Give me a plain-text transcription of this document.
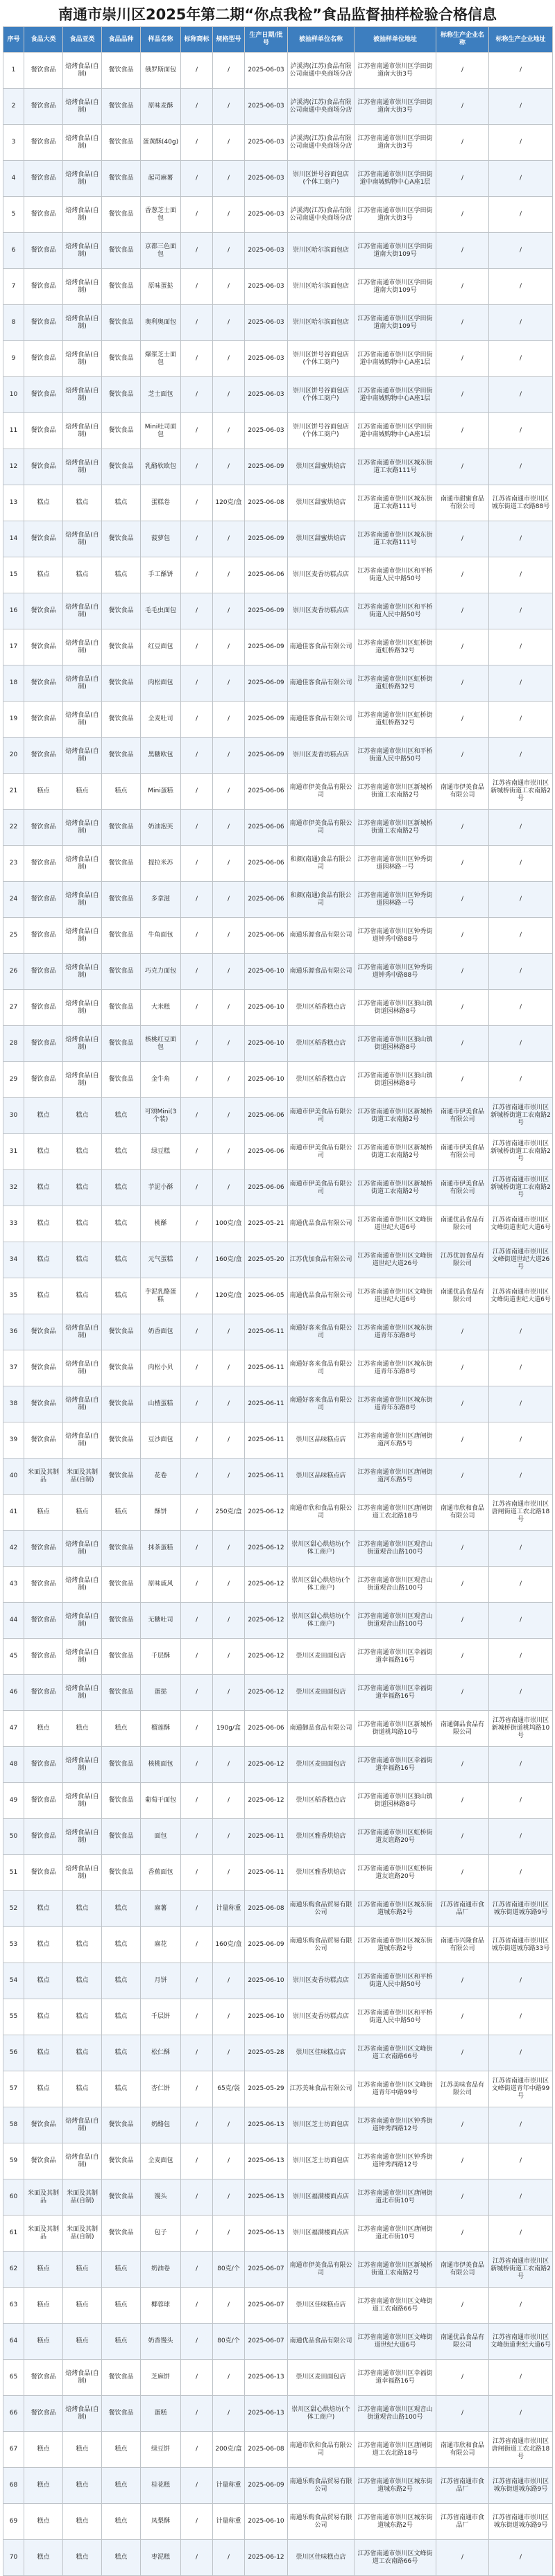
南通市崇川区2025年第二期“你点我检”食品监督抽样检验合格信息
序号	食品大类	食品亚类	食品品种	样品名称	标称商标	规格型号	生产日期/批号	被抽样单位名称	被抽样单位地址	标称生产企业名称	标称生产企业地址
1	餐饮食品	焙烤食品(自制)	餐饮食品	俄罗斯面包	/	/	2025-06-03	泸溪湾(江苏)食品有限公司南通中央商场分店	江苏省南通市崇川区学田街道南大街3号	/	/
2	餐饮食品	焙烤食品(自制)	餐饮食品	原味麦酥	/	/	2025-06-03	泸溪湾(江苏)食品有限公司南通中央商场分店	江苏省南通市崇川区学田街道南大街3号	/	/
3	餐饮食品	焙烤食品(自制)	餐饮食品	蛋黄酥(40g)	/	/	2025-06-03	泸溪湾(江苏)食品有限公司南通中央商场分店	江苏省南通市崇川区学田街道南大街3号	/	/
4	餐饮食品	焙烤食品(自制)	餐饮食品	起司麻薯	/	/	2025-06-03	崇川区饼号谷面包店(个体工商户)	江苏省南通市崇川区学田街道中南城购物中心A座1层	/	/
5	餐饮食品	焙烤食品(自制)	餐饮食品	香葱芝士面包	/	/	2025-06-03	泸溪湾(江苏)食品有限公司南通中央商场分店	江苏省南通市崇川区学田街道南大街3号	/	/
6	餐饮食品	焙烤食品(自制)	餐饮食品	京都三色面包	/	/	2025-06-03	崇川区哈尔滨面包店	江苏省南通市崇川区学田街道南大街109号	/	/
7	餐饮食品	焙烤食品(自制)	餐饮食品	原味蛋挞	/	/	2025-06-03	崇川区哈尔滨面包店	江苏省南通市崇川区学田街道南大街109号	/	/
8	餐饮食品	焙烤食品(自制)	餐饮食品	奥利奥面包	/	/	2025-06-03	崇川区哈尔滨面包店	江苏省南通市崇川区学田街道南大街109号	/	/
9	餐饮食品	焙烤食品(自制)	餐饮食品	爆浆芝士面包	/	/	2025-06-03	崇川区饼号谷面包店(个体工商户)	江苏省南通市崇川区学田街道中南城购物中心A座1层	/	/
10	餐饮食品	焙烤食品(自制)	餐饮食品	芝士面包	/	/	2025-06-03	崇川区饼号谷面包店(个体工商户)	江苏省南通市崇川区学田街道中南城购物中心A座1层	/	/
11	餐饮食品	焙烤食品(自制)	餐饮食品	Mini吐司面包	/	/	2025-06-03	崇川区饼号谷面包店(个体工商户)	江苏省南通市崇川区学田街道中南城购物中心A座1层	/	/
12	餐饮食品	焙烤食品(自制)	餐饮食品	乳酪软欧包	/	/	2025-06-09	崇川区甜蜜烘焙店	江苏省南通市崇川区城东街道工农路111号	/	/
13	糕点	糕点	糕点	蛋糕卷	/	120克/盒	2025-06-08	崇川区甜蜜烘焙店	江苏省南通市崇川区城东街道工农路111号	南通市甜蜜食品有限公司	江苏省南通市崇川区城东街道工农路88号
14	餐饮食品	焙烤食品(自制)	餐饮食品	菠萝包	/	/	2025-06-09	崇川区甜蜜烘焙店	江苏省南通市崇川区城东街道工农路111号	/	/
15	糕点	糕点	糕点	手工酥饼	/	/	2025-06-06	崇川区麦香坊糕点店	江苏省南通市崇川区和平桥街道人民中路50号	/	/
16	餐饮食品	焙烤食品(自制)	餐饮食品	毛毛虫面包	/	/	2025-06-09	崇川区麦香坊糕点店	江苏省南通市崇川区和平桥街道人民中路50号	/	/
17	餐饮食品	焙烤食品(自制)	餐饮食品	红豆面包	/	/	2025-06-09	南通佳客食品有限公司	江苏省南通市崇川区虹桥街道虹桥路32号	/	/
18	餐饮食品	焙烤食品(自制)	餐饮食品	肉松面包	/	/	2025-06-09	南通佳客食品有限公司	江苏省南通市崇川区虹桥街道虹桥路32号	/	/
19	餐饮食品	焙烤食品(自制)	餐饮食品	全麦吐司	/	/	2025-06-09	南通佳客食品有限公司	江苏省南通市崇川区虹桥街道虹桥路32号	/	/
20	餐饮食品	焙烤食品(自制)	餐饮食品	黑糖欧包	/	/	2025-06-09	崇川区麦香坊糕点店	江苏省南通市崇川区和平桥街道人民中路50号	/	/
21	糕点	糕点	糕点	Mini蛋糕	/	/	2025-06-06	南通市伊美食品有限公司	江苏省南通市崇川区新城桥街道工农南路2号	南通市伊美食品有限公司	江苏省南通市崇川区新城桥街道工农南路2号
22	餐饮食品	焙烤食品(自制)	餐饮食品	奶油泡芙	/	/	2025-06-06	南通市伊美食品有限公司	江苏省南通市崇川区新城桥街道工农南路2号	/	/
23	餐饮食品	焙烤食品(自制)	餐饮食品	提拉米苏	/	/	2025-06-06	和颜(南通)食品有限公司	江苏省南通市崇川区钟秀街道园林路一号	/	/
24	餐饮食品	焙烤食品(自制)	餐饮食品	多拿滋	/	/	2025-06-06	和颜(南通)食品有限公司	江苏省南通市崇川区钟秀街道园林路一号	/	/
25	餐饮食品	焙烤食品(自制)	餐饮食品	牛角面包	/	/	2025-06-06	南通乐源食品有限公司	江苏省南通市崇川区钟秀街道钟秀中路88号	/	/
26	餐饮食品	焙烤食品(自制)	餐饮食品	巧克力面包	/	/	2025-06-10	南通乐源食品有限公司	江苏省南通市崇川区钟秀街道钟秀中路88号	/	/
27	餐饮食品	焙烤食品(自制)	餐饮食品	大米糕	/	/	2025-06-10	崇川区稻香糕点店	江苏省南通市崇川区狼山镇街道园林路8号	/	/
28	餐饮食品	焙烤食品(自制)	餐饮食品	核桃红豆面包	/	/	2025-06-10	崇川区稻香糕点店	江苏省南通市崇川区狼山镇街道园林路8号	/	/
29	餐饮食品	焙烤食品(自制)	餐饮食品	金牛角	/	/	2025-06-10	崇川区稻香糕点店	江苏省南通市崇川区狼山镇街道园林路8号	/	/
30	糕点	糕点	糕点	可颂Mini(3个装)	/	/	2025-06-06	南通市伊美食品有限公司	江苏省南通市崇川区新城桥街道工农南路2号	南通市伊美食品有限公司	江苏省南通市崇川区新城桥街道工农南路2号
31	糕点	糕点	糕点	绿豆糕	/	/	2025-06-06	南通市伊美食品有限公司	江苏省南通市崇川区新城桥街道工农南路2号	南通市伊美食品有限公司	江苏省南通市崇川区新城桥街道工农南路2号
32	糕点	糕点	糕点	芋泥小酥	/	/	2025-06-06	南通市伊美食品有限公司	江苏省南通市崇川区新城桥街道工农南路2号	南通市伊美食品有限公司	江苏省南通市崇川区新城桥街道工农南路2号
33	糕点	糕点	糕点	桃酥	/	100克/盒	2025-05-21	南通优品食品有限公司	江苏省南通市崇川区文峰街道世纪大道6号	南通优品食品有限公司	江苏省南通市崇川区文峰街道世纪大道6号
34	糕点	糕点	糕点	元气蛋糕	/	160克/盒	2025-05-20	江苏优加食品有限公司	江苏省南通市崇川区文峰街道世纪大道26号	江苏优加食品有限公司	江苏省南通市崇川区文峰街道世纪大道26号
35	糕点	糕点	糕点	芋泥乳酪蛋糕	/	120克/盒	2025-06-05	南通优品食品有限公司	江苏省南通市崇川区文峰街道世纪大道6号	南通优品食品有限公司	江苏省南通市崇川区文峰街道世纪大道6号
36	餐饮食品	焙烤食品(自制)	餐饮食品	奶香面包	/	/	2025-06-11	南通好客来食品有限公司	江苏省南通市崇川区城东街道青年东路8号	/	/
37	餐饮食品	焙烤食品(自制)	餐饮食品	肉松小贝	/	/	2025-06-11	南通好客来食品有限公司	江苏省南通市崇川区城东街道青年东路8号	/	/
38	餐饮食品	焙烤食品(自制)	餐饮食品	山楂蛋糕	/	/	2025-06-11	南通好客来食品有限公司	江苏省南通市崇川区城东街道青年东路8号	/	/
39	餐饮食品	焙烤食品(自制)	餐饮食品	豆沙面包	/	/	2025-06-11	崇川区品味糕点店	江苏省南通市崇川区唐闸街道河东路5号	/	/
40	米面及其制品	米面及其制品(自制)	餐饮食品	花卷	/	/	2025-06-11	崇川区品味糕点店	江苏省南通市崇川区唐闸街道河东路5号	/	/
41	糕点	糕点	糕点	酥饼	/	250克/盒	2025-06-12	南通市欣和食品有限公司	江苏省南通市崇川区唐闸街道工农北路18号	南通市欣和食品有限公司	江苏省南通市崇川区唐闸街道工农北路18号
42	餐饮食品	焙烤食品(自制)	餐饮食品	抹茶蛋糕	/	/	2025-06-12	崇川区甜心烘焙坊(个体工商户)	江苏省南通市崇川区观音山街道观音山路100号	/	/
43	餐饮食品	焙烤食品(自制)	餐饮食品	原味戚风	/	/	2025-06-12	崇川区甜心烘焙坊(个体工商户)	江苏省南通市崇川区观音山街道观音山路100号	/	/
44	餐饮食品	焙烤食品(自制)	餐饮食品	无糖吐司	/	/	2025-06-12	崇川区甜心烘焙坊(个体工商户)	江苏省南通市崇川区观音山街道观音山路100号	/	/
45	餐饮食品	焙烤食品(自制)	餐饮食品	千层酥	/	/	2025-06-12	崇川区麦田面包店	江苏省南通市崇川区幸福街道幸福路16号	/	/
46	餐饮食品	焙烤食品(自制)	餐饮食品	蛋挞	/	/	2025-06-12	崇川区麦田面包店	江苏省南通市崇川区幸福街道幸福路16号	/	/
47	糕点	糕点	糕点	榴莲酥	/	190g/盒	2025-06-06	南通御品食品有限公司	江苏省南通市崇川区新城桥街道桃坞路10号	南通御品食品有限公司	江苏省南通市崇川区新城桥街道桃坞路10号
48	餐饮食品	焙烤食品(自制)	餐饮食品	核桃面包	/	/	2025-06-12	崇川区麦田面包店	江苏省南通市崇川区幸福街道幸福路16号	/	/
49	餐饮食品	焙烤食品(自制)	餐饮食品	葡萄干面包	/	/	2025-06-12	崇川区稻香糕点店	江苏省南通市崇川区狼山镇街道园林路8号	/	/
50	餐饮食品	焙烤食品(自制)	餐饮食品	面包	/	/	2025-06-11	崇川区雅香烘焙店	江苏省南通市崇川区虹桥街道友谊路20号	/	/
51	餐饮食品	焙烤食品(自制)	餐饮食品	香蕉面包	/	/	2025-06-11	崇川区雅香烘焙店	江苏省南通市崇川区虹桥街道友谊路20号	/	/
52	糕点	糕点	糕点	麻薯	/	计量称重	2025-06-08	南通乐购食品贸易有限公司	江苏省南通市崇川区城东街道城东路2号	江苏省南通市食品厂	江苏省南通市崇川区城东街道城东路9号
53	糕点	糕点	糕点	麻花	/	160克/盒	2025-06-09	南通乐购食品贸易有限公司	江苏省南通市崇川区城东街道城东路2号	南通市兴隆食品有限公司	江苏省南通市崇川区城东街道城东路33号
54	糕点	糕点	糕点	月饼	/	/	2025-06-10	崇川区麦香坊糕点店	江苏省南通市崇川区和平桥街道人民中路50号	/	/
55	糕点	糕点	糕点	千层饼	/	/	2025-06-10	崇川区麦香坊糕点店	江苏省南通市崇川区和平桥街道人民中路50号	/	/
56	糕点	糕点	糕点	松仁酥	/	/	2025-05-28	崇川区佳味糕点店	江苏省南通市崇川区文峰街道工农南路66号	/	/
57	糕点	糕点	糕点	杏仁饼	/	65克/袋	2025-05-29	江苏美味食品有限公司	江苏省南通市崇川区文峰街道青年中路99号	江苏美味食品有限公司	江苏省南通市崇川区文峰街道青年中路99号
58	餐饮食品	焙烤食品(自制)	餐饮食品	奶酪包	/	/	2025-06-13	崇川区芝士坊面包店	江苏省南通市崇川区钟秀街道钟秀西路12号	/	/
59	餐饮食品	焙烤食品(自制)	餐饮食品	全麦面包	/	/	2025-06-13	崇川区芝士坊面包店	江苏省南通市崇川区钟秀街道钟秀西路12号	/	/
60	米面及其制品	米面及其制品(自制)	餐饮食品	馒头	/	/	2025-06-13	崇川区福满楼面点店	江苏省南通市崇川区唐闸街道北市街10号	/	/
61	米面及其制品	米面及其制品(自制)	餐饮食品	包子	/	/	2025-06-13	崇川区福满楼面点店	江苏省南通市崇川区唐闸街道北市街10号	/	/
62	糕点	糕点	糕点	奶油卷	/	80克/个	2025-06-07	南通市伊美食品有限公司	江苏省南通市崇川区新城桥街道工农南路2号	南通市伊美食品有限公司	江苏省南通市崇川区新城桥街道工农南路2号
63	糕点	糕点	糕点	椰蓉球	/	/	2025-06-07	崇川区佳味糕点店	江苏省南通市崇川区文峰街道工农南路66号	/	/
64	糕点	糕点	糕点	奶香馒头	/	80克/个	2025-06-07	南通优品食品有限公司	江苏省南通市崇川区文峰街道世纪大道6号	南通优品食品有限公司	江苏省南通市崇川区文峰街道世纪大道6号
65	餐饮食品	焙烤食品(自制)	餐饮食品	芝麻饼	/	/	2025-06-13	崇川区麦田面包店	江苏省南通市崇川区幸福街道幸福路16号	/	/
66	餐饮食品	焙烤食品(自制)	餐饮食品	蛋糕	/	/	2025-06-13	崇川区甜心烘焙坊(个体工商户)	江苏省南通市崇川区观音山街道观音山路100号	/	/
67	糕点	糕点	糕点	绿豆饼	/	200克/盒	2025-06-08	南通市欣和食品有限公司	江苏省南通市崇川区唐闸街道工农北路18号	南通市欣和食品有限公司	江苏省南通市崇川区唐闸街道工农北路18号
68	糕点	糕点	糕点	桂花糕	/	计量称重	2025-06-09	南通乐购食品贸易有限公司	江苏省南通市崇川区城东街道城东路2号	江苏省南通市食品厂	江苏省南通市崇川区城东街道城东路9号
69	糕点	糕点	糕点	凤梨酥	/	计量称重	2025-06-10	南通乐购食品贸易有限公司	江苏省南通市崇川区城东街道城东路2号	江苏省南通市食品厂	江苏省南通市崇川区城东街道城东路9号
70	糕点	糕点	糕点	枣泥糕	/	/	2025-06-12	崇川区佳味糕点店	江苏省南通市崇川区文峰街道工农南路66号	/	/
